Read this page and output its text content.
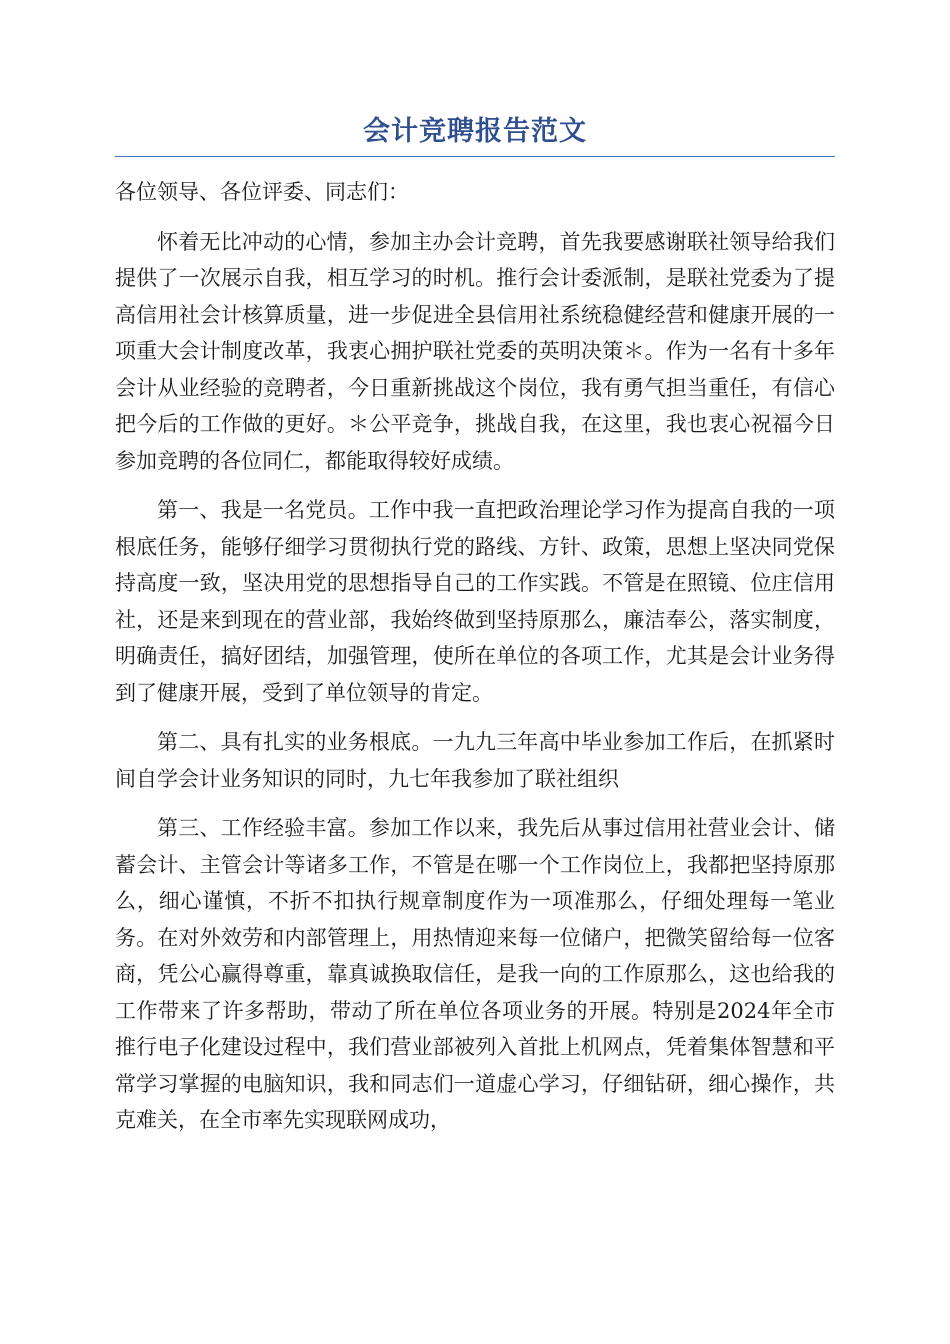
会计竞聘报告范文

各位领导、各位评委、同志们：

怀着无比冲动的心情，参加主办会计竞聘，首先我要感谢联社领导给我们提供了一次展示自我，相互学习的时机。推行会计委派制，是联社党委为了提高信用社会计核算质量，进一步促进全县信用社系统稳健经营和健康开展的一项重大会计制度改革，我衷心拥护联社党委的英明决策＊。作为一名有十多年会计从业经验的竞聘者，今日重新挑战这个岗位，我有勇气担当重任，有信心把今后的工作做的更好。＊公平竞争，挑战自我，在这里，我也衷心祝福今日参加竞聘的各位同仁，都能取得较好成绩。

第一、我是一名党员。工作中我一直把政治理论学习作为提高自我的一项根底任务，能够仔细学习贯彻执行党的路线、方针、政策，思想上坚决同党保持高度一致，坚决用党的思想指导自己的工作实践。不管是在照镜、位庄信用社，还是来到现在的营业部，我始终做到坚持原那么，廉洁奉公，落实制度，明确责任，搞好团结，加强管理，使所在单位的各项工作，尤其是会计业务得到了健康开展，受到了单位领导的肯定。

第二、具有扎实的业务根底。一九九三年高中毕业参加工作后，在抓紧时间自学会计业务知识的同时，九七年我参加了联社组织

第三、工作经验丰富。参加工作以来，我先后从事过信用社营业会计、储蓄会计、主管会计等诸多工作，不管是在哪一个工作岗位上，我都把坚持原那么，细心谨慎，不折不扣执行规章制度作为一项准那么，仔细处理每一笔业务。在对外效劳和内部管理上，用热情迎来每一位储户，把微笑留给每一位客商，凭公心赢得尊重，靠真诚换取信任，是我一向的工作原那么，这也给我的工作带来了许多帮助，带动了所在单位各项业务的开展。特别是2024年全市推行电子化建设过程中，我们营业部被列入首批上机网点，凭着集体智慧和平常学习掌握的电脑知识，我和同志们一道虚心学习，仔细钻研，细心操作，共克难关，在全市率先实现联网成功，
